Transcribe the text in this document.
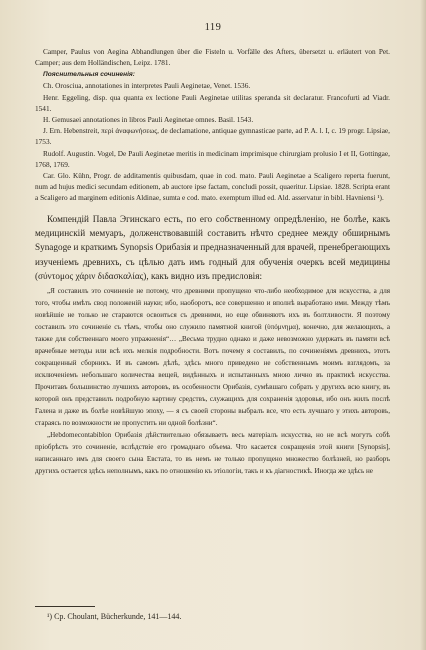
119

Camper, Paulus von Aegina Abhandlungen über die Fisteln u. Vorfälle des Afters, übersetzt u. erläutert von Pet. Camper; aus dem Holländischen, Leipz. 1781.

Пояснительныя сочиненія:

Ch. Orosciua, annotationes in interpretes Pauli Aeginetae, Venet. 1536.

Henr. Eggeling, disp. qua quanta ex lectione Pauli Aeginetae utilitas sperandа sit declaratur. Francofurti ad Viadr. 1541.

H. Gemusaei annotationes in libros Pauli Aeginetae omnes. Basil. 1543.

J. Ern. Hebenstreit, περὶ ἀναφωνήσεως, de declamatione, antiquae gymnasticae parte, ad P. A. l. I, c. 19 progr. Lipsiae, 1753.

Rudolf. Augustin. Vogel, De Pauli Aeginetae meritis in medicinam imprimisque chirurgiam prolusio I et II, Gottingae, 1768, 1769.

Car. Glo. Kühn, Progr. de additamentis quibusdam, quae in cod. mato. Pauli Aeginetae a Scaligero reperta fuerunt, num ad hujus medici secundam editionem, ab auctore ipse factam, concludi possit, quaeritur. Lipsiae. 1828. Scripta erant a Scaligero ad marginem editionis Aldinae, sumta e cod. mato. exemptum illud ed. Ald. asservatur in bibl. Havniensi ¹).

Компендій Павла Эгинскаго есть, по его собственному опредѣленію, не болѣе, какъ медицинскій мемуаръ, долженствовавшій составить нѣчто среднее между обширнымъ Synagoge и краткимъ Synopsis Орибазія и предназначенный для врачей, пренебрегающихъ изученіемъ древнихъ, съ цѣлью дать имъ годный для обученія очеркъ всей медицины (σύντομος χάριν διδασκαλίας), какъ видно изъ предисловія:

„Я составилъ это сочиненіе не потому, что древними пропущено что-либо необходимое для искусства, а для того, чтобы имѣть свод положеній науки; ибо, наоборотъ, все совершенно и вполнѣ выработано ими. Между тѣмъ новѣйшіе не только не стараются освоиться съ древними, но еще обвиняютъ ихъ въ болтливости. Я поэтому составилъ это сочиненіе съ тѣмъ, чтобы оно служило памятной книгой (ὑπόμνημα), конечно, для желающихъ, а также для собственнаго моего упражненія“… „Весьма трудно однако и даже невозможно удержать въ памяти всѣ врачебные методы или всѣ ихъ мелкія подробности. Вотъ почему я составилъ, по сочиненіямъ древнихъ, этотъ сокращенный сборникъ. И въ самомъ дѣлѣ, здѣсь много приведено не собственнымъ моимъ взглядомъ, за исключеніемъ небольшаго количества вещей, видѣнныхъ и испытанныхъ мною лично въ практикѣ искусства. Прочитавъ большинство лучшихъ авторовъ, въ особенности Орибазія, сумѣвшаго собрать у другихъ всю книгу, въ которой онъ представилъ подробную картину средствъ, служащихъ для сохраненія здоровья, ибо онъ жилъ послѣ Галена и даже въ болѣе новѣйшую эпоху, — я съ своей стороны выбралъ все, что есть лучшаго у этихъ авторовъ, стараясь по возможности не пропустить ни одной болѣзни“.

„Hebdomecontabiblon Орибазія дѣйствительно обязываетъ весь матеріалъ искусства, но не всѣ могутъ собѣ пріобрѣсть это сочиненіе, вслѣдствіе его громаднаго объема. Что касается сокращенія этой книги [Synopsis], написаннаго имъ для своего сына Евстата, то въ немъ не только пропущено множество болѣзней, но разборъ другихъ остается здѣсь неполнымъ, какъ по отношенію къ этіологіи, такъ и къ діагностикѣ. Иногда же здѣсь не

¹) Cp. Choulant, Bücherkunde, 141—144.
